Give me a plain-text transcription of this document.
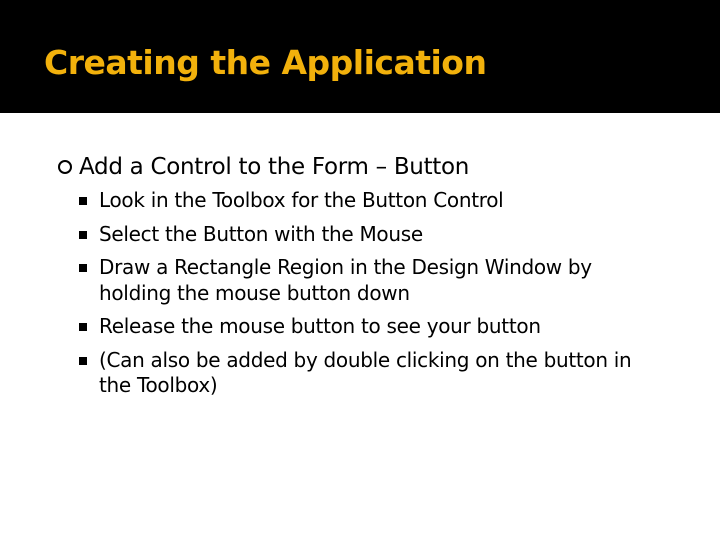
Creating the Application
Add a Control to the Form – Button
Look in the Toolbox for the Button Control
Select the Button with the Mouse
Draw a Rectangle Region in the Design Window by holding the mouse button down
Release the mouse button to see your button
(Can also be added by double clicking on the button in the Toolbox)
